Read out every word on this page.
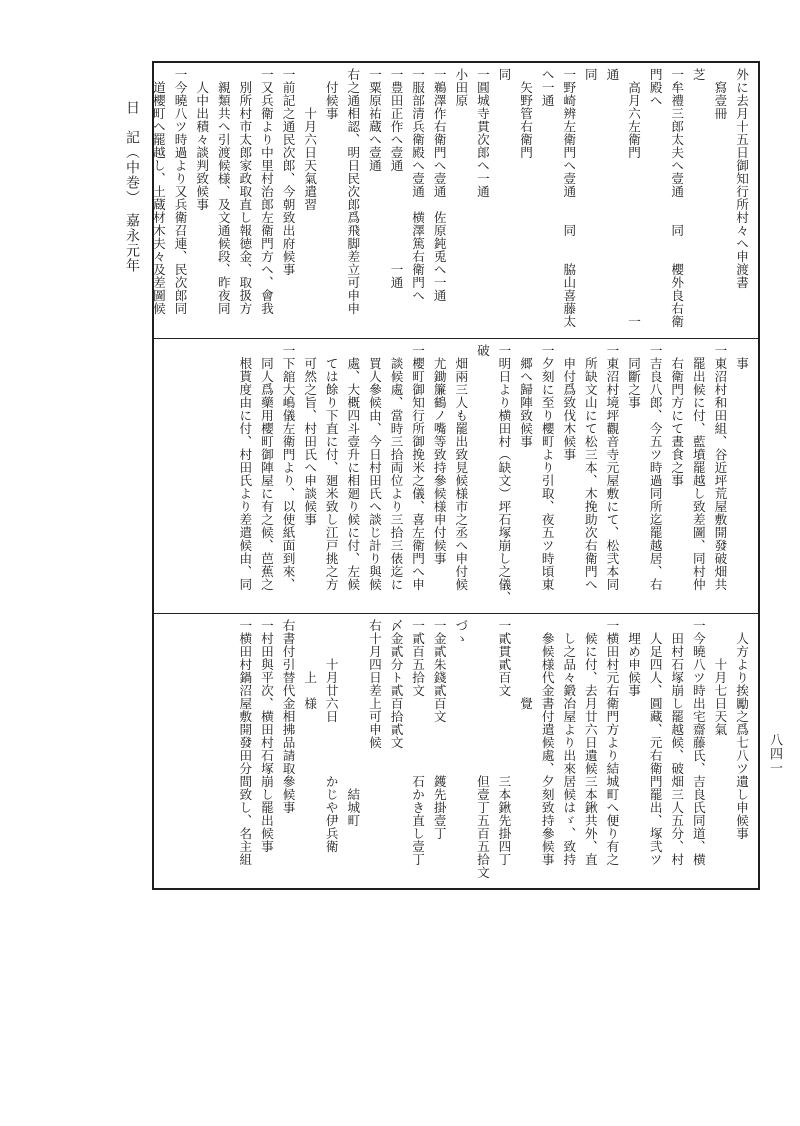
日　記（中巻）　嘉永元年
八四一

外に去月十五日御知行所村々へ申渡書

　寫壹冊

芝

一牟禮三郎太夫へ壹通　　同　　櫻外良右衛門殿へ

　高月六左衛門　　　　　　　　　　　　一通

同

一野崎辨左衛門へ壹通　　同　　脇山喜藤太へ一通

　矢野管右衛門

同

一圓城寺貫次郎へ一通

小田原

一鵜澤作右衛門へ壹通　佐原鈍兎へ一通

一服部清兵衛殿へ壹通　横澤篤右衛門へ

一豊田正作へ壹通　　　　　　　一通

一粟原祐蔵へ壹通

右之通相認、明日民次郎爲飛脚差立可申申

　付候事

　　　十月六日天氣遣習

一前記之通民次郎、今朝致出府候事

一又兵衛より中里村治郎左衛門方へ、會我

　別所村市太郎家政取直し報徳金、取扱方

　親類共へ引渡候様、及文通候段、昨夜同

　人中出積々談判致候事

一今曉八ツ時過より又兵衛召連、民次郎同

　道櫻町へ罷越し、土蔵材木夫々及差圖候

　事

一東沼村和田組、谷近坪荒屋敷開發破畑共

　罷出候に付、藍墳罷越し致差圖、同村仲

　右衛門方にて晝食之事

一吉良八郎、今五ツ時過同所迄罷越居、右

　同斷之事

一東沼村境坪觀音寺元屋敷にて、松弐本同

　所缺文山にて松三本、木挽助次右衛門へ

　申付爲致伐木候事

一夕刻に至り櫻町より引取、夜五ツ時頃東

　郷へ歸陣致候事

一明日より横田村（缺文）坪石塚崩し之儀、破

　畑兩三人も罷出致見候様市之丞へ申付候

　尤鋤簾鶴ノ嘴等致持參候様申付候事

一櫻町御知行所御挽米之儀、喜左衛門へ申

　談候處、當時三拾両位より三拾三俵迄に

　買人參候由、今日村田氏へ談じ計り與候

　處、大概四斗壹升に相廻り候に付、左候

　ては餘り下直に付、廻米致し江戸挑之方

　可然之旨、村田氏へ申談候事

一下舘大嶋儀左衛門より、以使紙面到來、

　同人爲藥用櫻町御陣屋に有之候、芭蕉之

　根貰度由に付、村田氏より差遣候由、同

　人方より挨勵之爲七八ツ遺し申候事

　　　十月七日天氣

一今曉八ツ時出宅齋藤氏、吉良氏同道、横

　田村石塚崩し罷越候、破畑三人五分、村

　人足四人、圓藏、元右衛門罷出、塚弐ツ

　埋め申候事

一横田村元右衛門方より結城町へ便り有之

　候に付、去月廿六日遺候三本鍬共外、直

　し之品々鍛冶屋より出來居候はゞ、致持

　參候様代金書付遣候處、夕刻致持參候事

　　　　　　覺

一貳貫貳百文　　　　　　三本鍬先掛四丁

　　　　　　　　　　　　但壹丁五百五拾文づゝ

一金貳朱錢貳百文　　　　鑊先掛壹丁

一貳百五拾文　　　　　　石かき直し壹丁

〆金貳分ト貳百拾貳文

右十月四日差上可申候

　　　　　　　　　　　　　結城町

　　　十月廿六日　　　　かじや伊兵衛

　　　　上　様

右書付引替代金相拂品請取參候事

一村田與平次、横田村石塚崩し罷出候事

一横田村鍋沼屋敷開發田分間致し、名主組
